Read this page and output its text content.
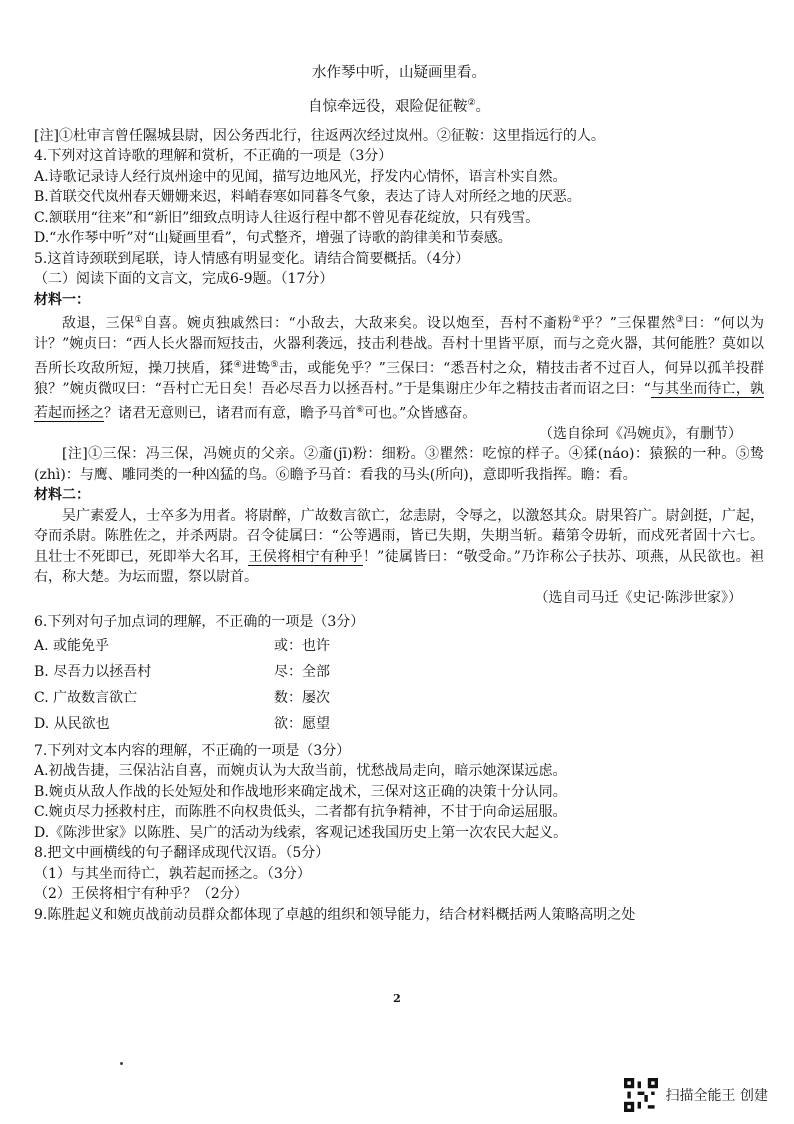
水作琴中听，山疑画里看。
自惊牵远役，艰险促征鞍②。

[注]①杜审言曾任隰城县尉，因公务西北行，往返两次经过岚州。②征鞍：这里指远行的人。

4.下列对这首诗歌的理解和赏析，不正确的一项是（3分）

A.诗歌记录诗人经行岚州途中的见闻，描写边地风光，抒发内心情怀，语言朴实自然。

B.首联交代岚州春天姗姗来迟，料峭春寒如同暮冬气象，表达了诗人对所经之地的厌恶。

C.颔联用“往来”和“新旧”细致点明诗人往返行程中都不曾见春花绽放，只有残雪。

D.“水作琴中听”对“山疑画里看”，句式整齐，增强了诗歌的韵律美和节奏感。

5.这首诗颈联到尾联，诗人情感有明显变化。请结合简要概括。（4分）

（二）阅读下面的文言文，完成6-9题。（17分）

材料一：

敌退，三保①自喜。婉贞独戚然曰：“小敌去，大敌来矣。设以炮至，吾村不齑粉②乎？”三保瞿然③曰：“何以为计？”婉贞曰：“西人长火器而短技击，火器利袭远，技击利巷战。吾村十里皆平原，而与之竞火器，其何能胜？莫如以吾所长攻敌所短，操刀挟盾，猱④进鸷⑤击，或能免乎？”三保曰：“悉吾村之众，精技击者不过百人，何异以孤羊投群狼？”婉贞微叹曰：“吾村亡无日矣！吾必尽吾力以拯吾村。”于是集谢庄少年之精技击者而诏之曰：“与其坐而待亡，孰若起而拯之？诸君无意则已，诸君而有意，瞻予马首⑥可也。”众皆感奋。

（选自徐珂《冯婉贞》，有删节）

[注]①三保：冯三保，冯婉贞的父亲。②齑(jī)粉：细粉。③瞿然：吃惊的样子。④猱(náo)：猿猴的一种。⑤鸷(zhì)：与鹰、雕同类的一种凶猛的鸟。⑥瞻予马首：看我的马头(所向)，意即听我指挥。瞻：看。

材料二：

吴广素爱人，士卒多为用者。将尉醉，广故数言欲亡，忿恚尉，令辱之，以激怒其众。尉果笞广。尉剑挺，广起，夺而杀尉。陈胜佐之，并杀两尉。召令徒属曰：“公等遇雨，皆已失期，失期当斩。藉第令毋斩，而戍死者固十六七。且壮士不死即已，死即举大名耳，王侯将相宁有种乎！”徒属皆曰：“敬受命。”乃诈称公子扶苏、项燕，从民欲也。袒右，称大楚。为坛而盟，祭以尉首。

（选自司马迁《史记·陈涉世家》）

6.下列对句子加点词的理解，不正确的一项是（3分）

A. 或能免乎	或：也许
B. 尽吾力以拯吾村	尽：全部
C. 广故数言欲亡	数：屡次
D. 从民欲也	欲：愿望

7.下列对文本内容的理解，不正确的一项是（3分）

A.初战告捷，三保沾沾自喜，而婉贞认为大敌当前，忧愁战局走向，暗示她深谋远虑。

B.婉贞从敌人作战的长处短处和作战地形来确定战术，三保对这正确的决策十分认同。

C.婉贞尽力拯救村庄，而陈胜不向权贵低头，二者都有抗争精神，不甘于向命运屈服。

D.《陈涉世家》以陈胜、吴广的活动为线索，客观记述我国历史上第一次农民大起义。

8.把文中画横线的句子翻译成现代汉语。（5分）

（1）与其坐而待亡，孰若起而拯之。（3分）

（2）王侯将相宁有种乎？（2分）

9.陈胜起义和婉贞战前动员群众都体现了卓越的组织和领导能力，结合材料概括两人策略高明之处

2
扫描全能王 创建
